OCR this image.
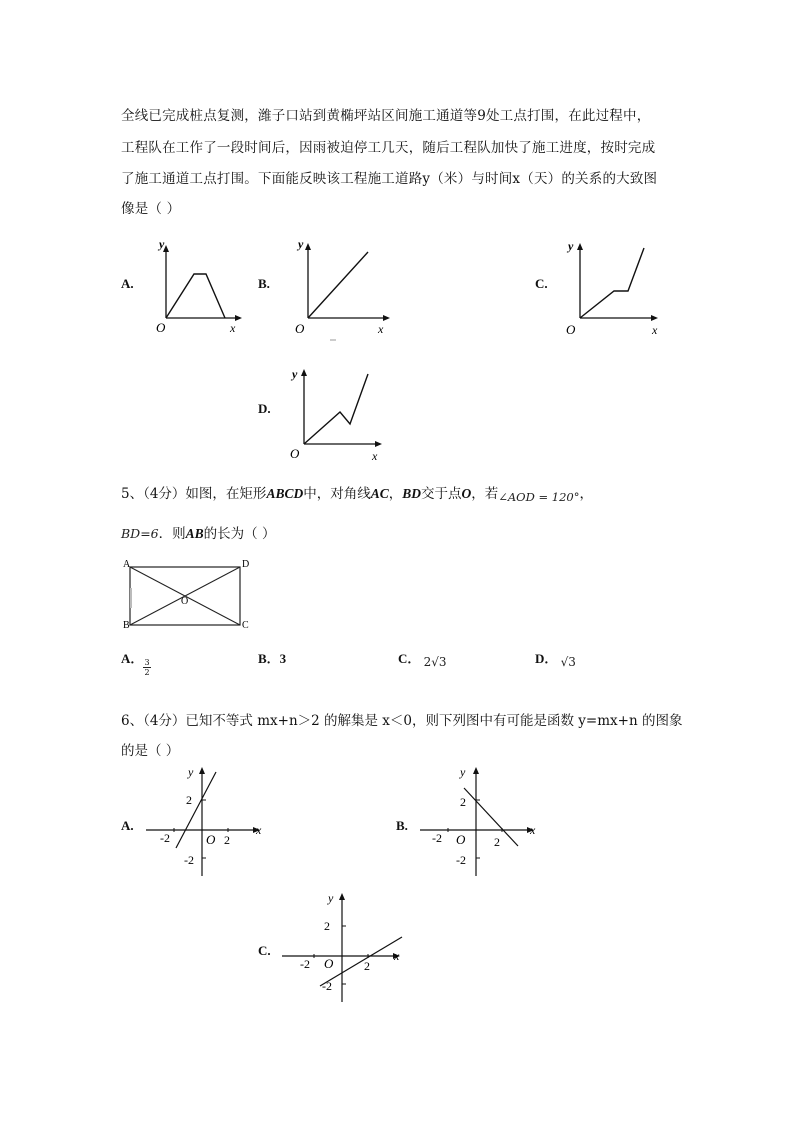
全线已完成桩点复测，潍子口站到黄椭坪站区间施工通道等9处工点打围，在此过程中，
工程队在工作了一段时间后，因雨被迫停工几天，随后工程队加快了施工进度，按时完成
了施工通道工点打围。下面能反映该工程施工道路y（米）与时间x（天）的关系的大致图
像是（ ）
A.	B.	C.
D.
y
x
O
y
x
O
y
x
O
y
x
O
5、（4分）如图，在矩形ABCD中，对角线AC，BD交于点O，若∠AOD = 120°，
BD=6．则AB的长为（ ）
A	D
B	C
O
A． $\frac{3}{2}$	B．3	C． 2√3	D． √3
6、（4分）已知不等式 mx+n＞2 的解集是 x＜0，则下列图中有可能是函数 y=mx+n 的图象
的是（ ）
A.	B.
C.
y
x
2
-2	2
O
-2
y
x
2
-2	2
O
-2
y
x
2
-2	2
O
-2
